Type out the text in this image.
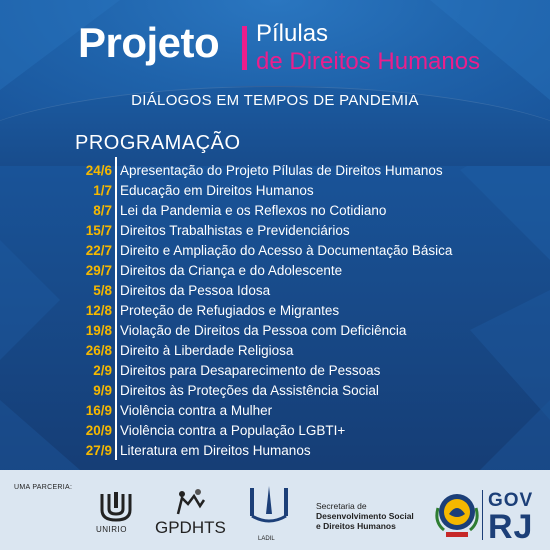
Projeto Pílulas
de Direitos Humanos
DIÁLOGOS EM TEMPOS DE PANDEMIA
PROGRAMAÇÃO
24/6 Apresentação do Projeto Pílulas de Direitos Humanos
1/7 Educação em Direitos Humanos
8/7 Lei da Pandemia e os Reflexos no Cotidiano
15/7 Direitos Trabalhistas e Previdenciários
22/7 Direito e Ampliação do Acesso à Documentação Básica
29/7 Direitos da Criança e do Adolescente
5/8 Direitos da Pessoa Idosa
12/8 Proteção de Refugiados e Migrantes
19/8 Violação de Direitos da Pessoa com Deficiência
26/8 Direito à Liberdade Religiosa
2/9 Direitos para Desaparecimento de Pessoas
9/9 Direitos às Proteções da Assistência Social
16/9 Violência contra a Mulher
20/9 Violência contra a População LGBTI+
27/9 Literatura em Direitos Humanos
UMA PARCERIA:
UNIRIO GPDHTS
LADIL
Secretaria de
Desenvolvimento Social
e Direitos Humanos
GOV
RJ
